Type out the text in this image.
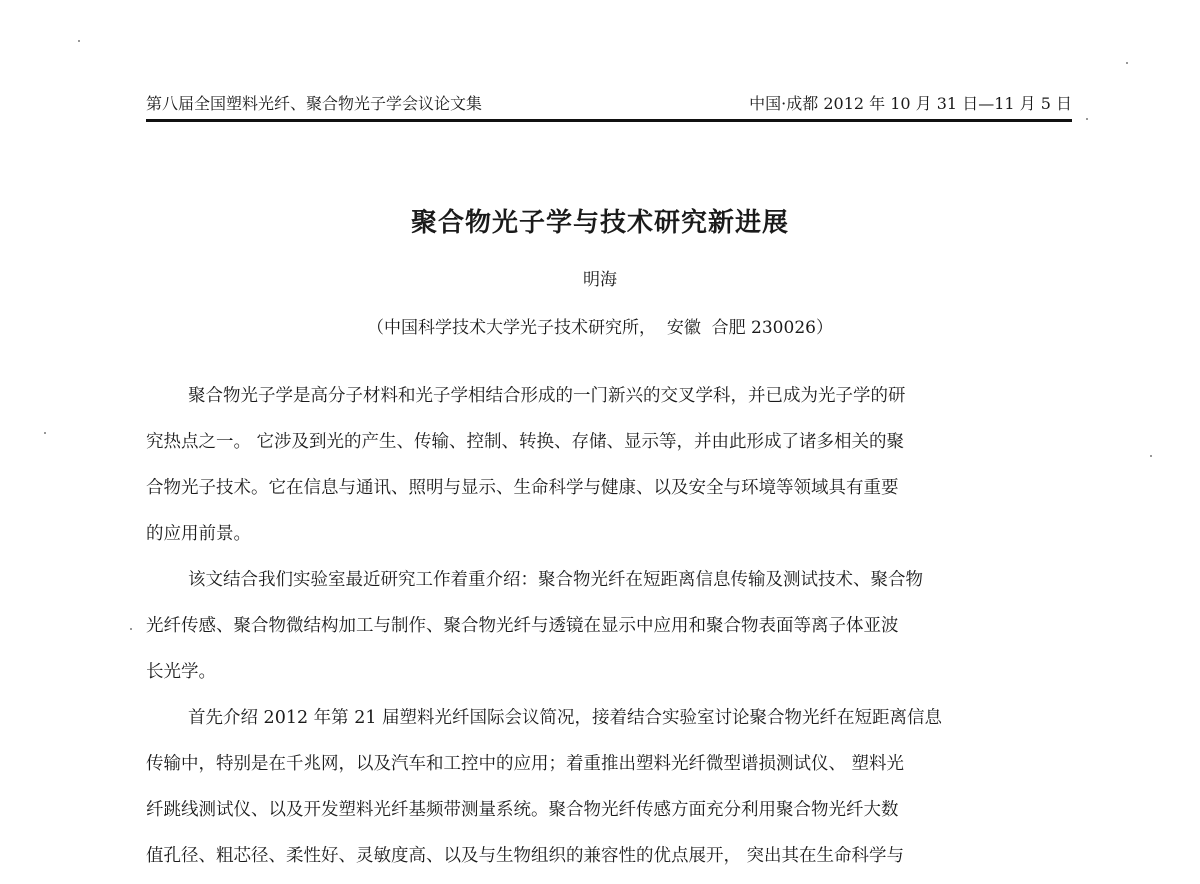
第八届全国塑料光纤、聚合物光子学会议论文集	中国·成都 2012 年 10 月 31 日—11 月 5 日
聚合物光子学与技术研究新进展
明海
（中国科学技术大学光子技术研究所，  安徽  合肥 230026）
聚合物光子学是高分子材料和光子学相结合形成的一门新兴的交叉学科，并已成为光子学的研
究热点之一。 它涉及到光的产生、传输、控制、转换、存储、显示等，并由此形成了诸多相关的聚
合物光子技术。它在信息与通讯、照明与显示、生命科学与健康、以及安全与环境等领域具有重要
的应用前景。
该文结合我们实验室最近研究工作着重介绍：聚合物光纤在短距离信息传输及测试技术、聚合物
光纤传感、聚合物微结构加工与制作、聚合物光纤与透镜在显示中应用和聚合物表面等离子体亚波
长光学。
首先介绍 2012 年第 21 届塑料光纤国际会议简况，接着结合实验室讨论聚合物光纤在短距离信息
传输中，特别是在千兆网，以及汽车和工控中的应用；着重推出塑料光纤微型谱损测试仪、 塑料光
纤跳线测试仪、以及开发塑料光纤基频带测量系统。聚合物光纤传感方面充分利用聚合物光纤大数
值孔径、粗芯径、柔性好、灵敏度高、以及与生物组织的兼容性的优点展开， 突出其在生命科学与
